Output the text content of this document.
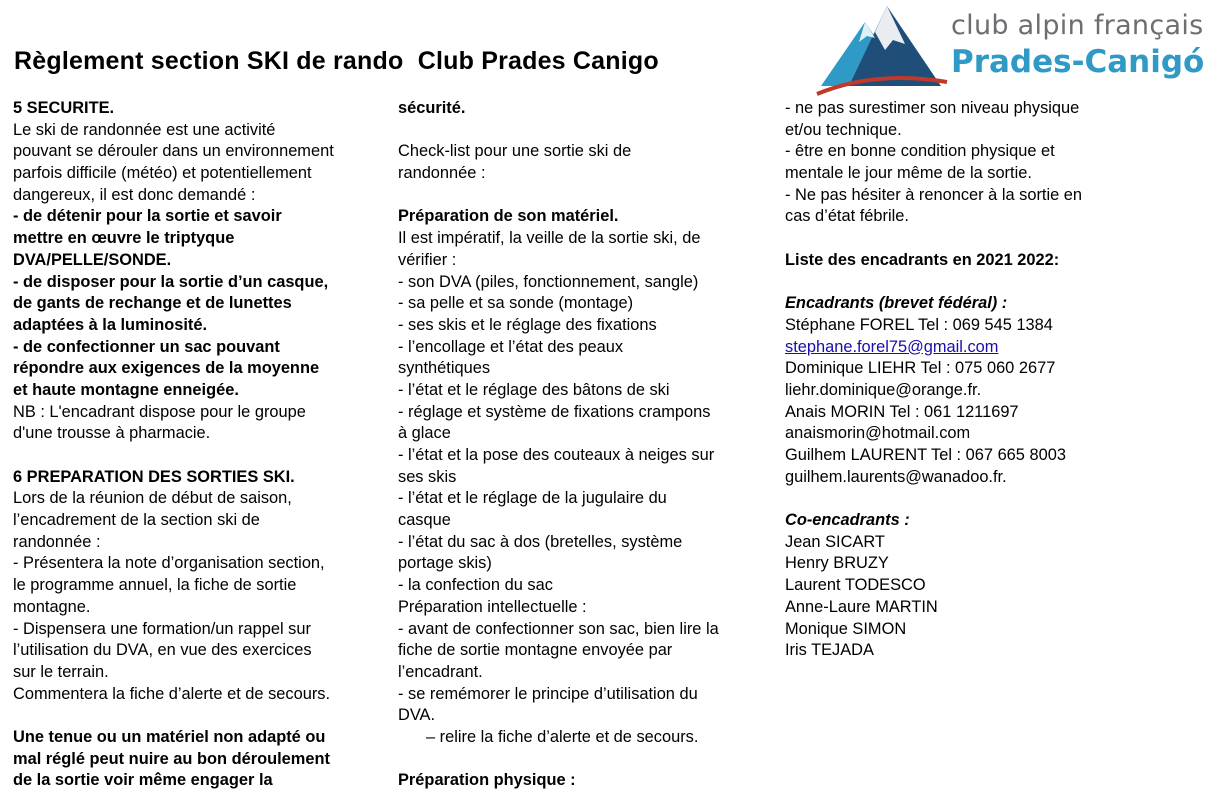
Règlement section SKI de rando  Club Prades Canigo
club alpin français
Prades-Canigó
5 SECURITE.
Le ski de randonnée est une activité
pouvant se dérouler dans un environnement
parfois difficile (météo) et potentiellement
dangereux, il est donc demandé :
- de détenir pour la sortie et savoir
mettre en œuvre le triptyque
DVA/PELLE/SONDE.
- de disposer pour la sortie d’un casque,
de gants de rechange et de lunettes
adaptées à la luminosité.
- de confectionner un sac pouvant
répondre aux exigences de la moyenne
et haute montagne enneigée.
NB : L'encadrant dispose pour le groupe
d'une trousse à pharmacie.
6 PREPARATION DES SORTIES SKI.
Lors de la réunion de début de saison,
l’encadrement de la section ski de
randonnée :
- Présentera la note d’organisation section,
le programme annuel, la fiche de sortie
montagne.
- Dispensera une formation/un rappel sur
l’utilisation du DVA, en vue des exercices
sur le terrain.
Commentera la fiche d’alerte et de secours.
Une tenue ou un matériel non adapté ou
mal réglé peut nuire au bon déroulement
de la sortie voir même engager la
sécurité.
Check-list pour une sortie ski de
randonnée :
Préparation de son matériel.
Il est impératif, la veille de la sortie ski, de
vérifier :
- son DVA (piles, fonctionnement, sangle)
- sa pelle et sa sonde (montage)
- ses skis et le réglage des fixations
- l’encollage et l’état des peaux
synthétiques
- l’état et le réglage des bâtons de ski
- réglage et système de fixations crampons
à glace
- l’état et la pose des couteaux à neiges sur
ses skis
- l’état et le réglage de la jugulaire du
casque
- l’état du sac à dos (bretelles, système
portage skis)
- la confection du sac
Préparation intellectuelle :
- avant de confectionner son sac, bien lire la
fiche de sortie montagne envoyée par
l’encadrant.
- se remémorer le principe d’utilisation du
DVA.
– relire la fiche d’alerte et de secours.
Préparation physique :
- ne pas surestimer son niveau physique
et/ou technique.
- être en bonne condition physique et
mentale le jour même de la sortie.
- Ne pas hésiter à renoncer à la sortie en
cas d’état fébrile.
Liste des encadrants en 2021 2022:
Encadrants (brevet fédéral) :
Stéphane FOREL Tel : 069 545 1384
stephane.forel75@gmail.com
Dominique LIEHR Tel : 075 060 2677
liehr.dominique@orange.fr.
Anais MORIN Tel : 061 1211697
anaismorin@hotmail.com
Guilhem LAURENT Tel : 067 665 8003
guilhem.laurents@wanadoo.fr.
Co-encadrants :
Jean SICART
Henry BRUZY
Laurent TODESCO
Anne-Laure MARTIN
Monique SIMON
Iris TEJADA
